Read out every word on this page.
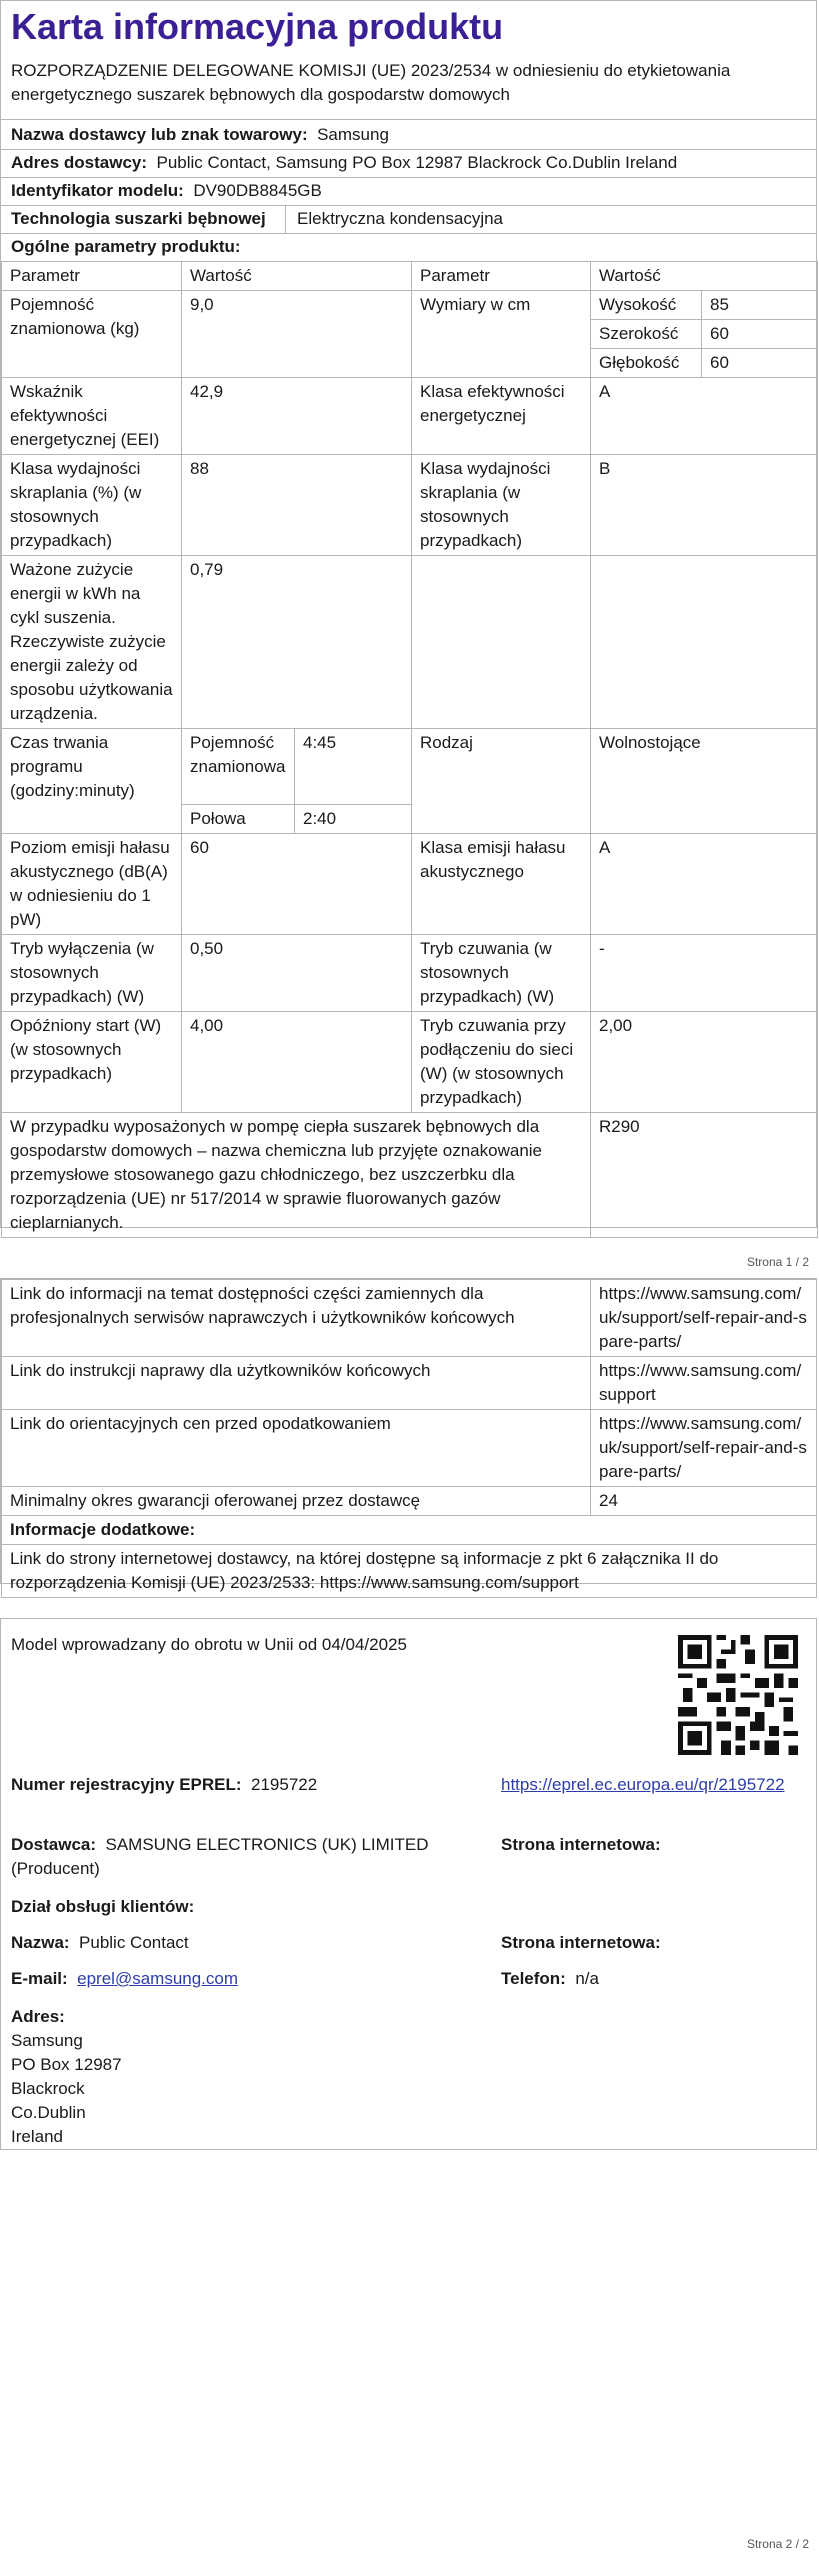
Karta informacyjna produktu
ROZPORZĄDZENIE DELEGOWANE KOMISJI (UE) 2023/2534 w odniesieniu do etykietowania energetycznego suszarek bębnowych dla gospodarstw domowych
Nazwa dostawcy lub znak towarowy: Samsung
Adres dostawcy: Public Contact, Samsung PO Box 12987 Blackrock Co.Dublin Ireland
Identyfikator modelu: DV90DB8845GB
Technologia suszarki bębnowej Elektryczna kondensacyjna
Ogólne parametry produktu:
Parametr	Wartość		Parametr	Wartość	
Pojemność znamionowa (kg)	9,0		Wymiary w cm	Wysokość	85
				Szerokość	60
				Głębokość	60
Wskaźnik efektywności energetycznej (EEI)	42,9		Klasa efektywności energetycznej	A	
Klasa wydajności skraplania (%) (w stosownych przypadkach)	88		Klasa wydajności skraplania (w stosownych przypadkach)	B	
Ważone zużycie energii w kWh na cykl suszenia. Rzeczywiste zużycie energii zależy od sposobu użytkowania urządzenia.	0,79				
Czas trwania programu (godziny:minuty)	Pojemność znamionowa	4:45	Rodzaj	Wolnostojące	
	Połowa	2:40			
Poziom emisji hałasu akustycznego (dB(A) w odniesieniu do 1 pW)	60		Klasa emisji hałasu akustycznego	A	
Tryb wyłączenia (w stosownych przypadkach) (W)	0,50		Tryb czuwania (w stosownych przypadkach) (W)	-	
Opóźniony start (W) (w stosownych przypadkach)	4,00		Tryb czuwania przy podłączeniu do sieci (W) (w stosownych przypadkach)	2,00	
W przypadku wyposażonych w pompę ciepła suszarek bębnowych dla gospodarstw domowych – nazwa chemiczna lub przyjęte oznakowanie przemysłowe stosowanego gazu chłodniczego, bez uszczerbku dla rozporządzenia (UE) nr 517/2014 w sprawie fluorowanych gazów cieplarnianych.				R290	
Strona 1 / 2
Link do informacji na temat dostępności części zamiennych dla profesjonalnych serwisów naprawczych i użytkowników końcowych	https://www.samsung.com/uk/support/self-repair-and-spare-parts/
Link do instrukcji naprawy dla użytkowników końcowych	https://www.samsung.com/support
Link do orientacyjnych cen przed opodatkowaniem	https://www.samsung.com/uk/support/self-repair-and-spare-parts/
Minimalny okres gwarancji oferowanej przez dostawcę	24
Informacje dodatkowe:	
Link do strony internetowej dostawcy, na której dostępne są informacje z pkt 6 załącznika II do rozporządzenia Komisji (UE) 2023/2533: https://www.samsung.com/support	
Model wprowadzany do obrotu w Unii od 04/04/2025
Numer rejestracyjny EPREL: 2195722	https://eprel.ec.europa.eu/qr/2195722
Dostawca: SAMSUNG ELECTRONICS (UK) LIMITED (Producent)
Strona internetowa:
Dział obsługi klientów:
Nazwa: Public Contact	Strona internetowa:
E-mail: eprel@samsung.com	Telefon: n/a
Adres:
Samsung
PO Box 12987
Blackrock
Co.Dublin
Ireland
Strona 2 / 2
